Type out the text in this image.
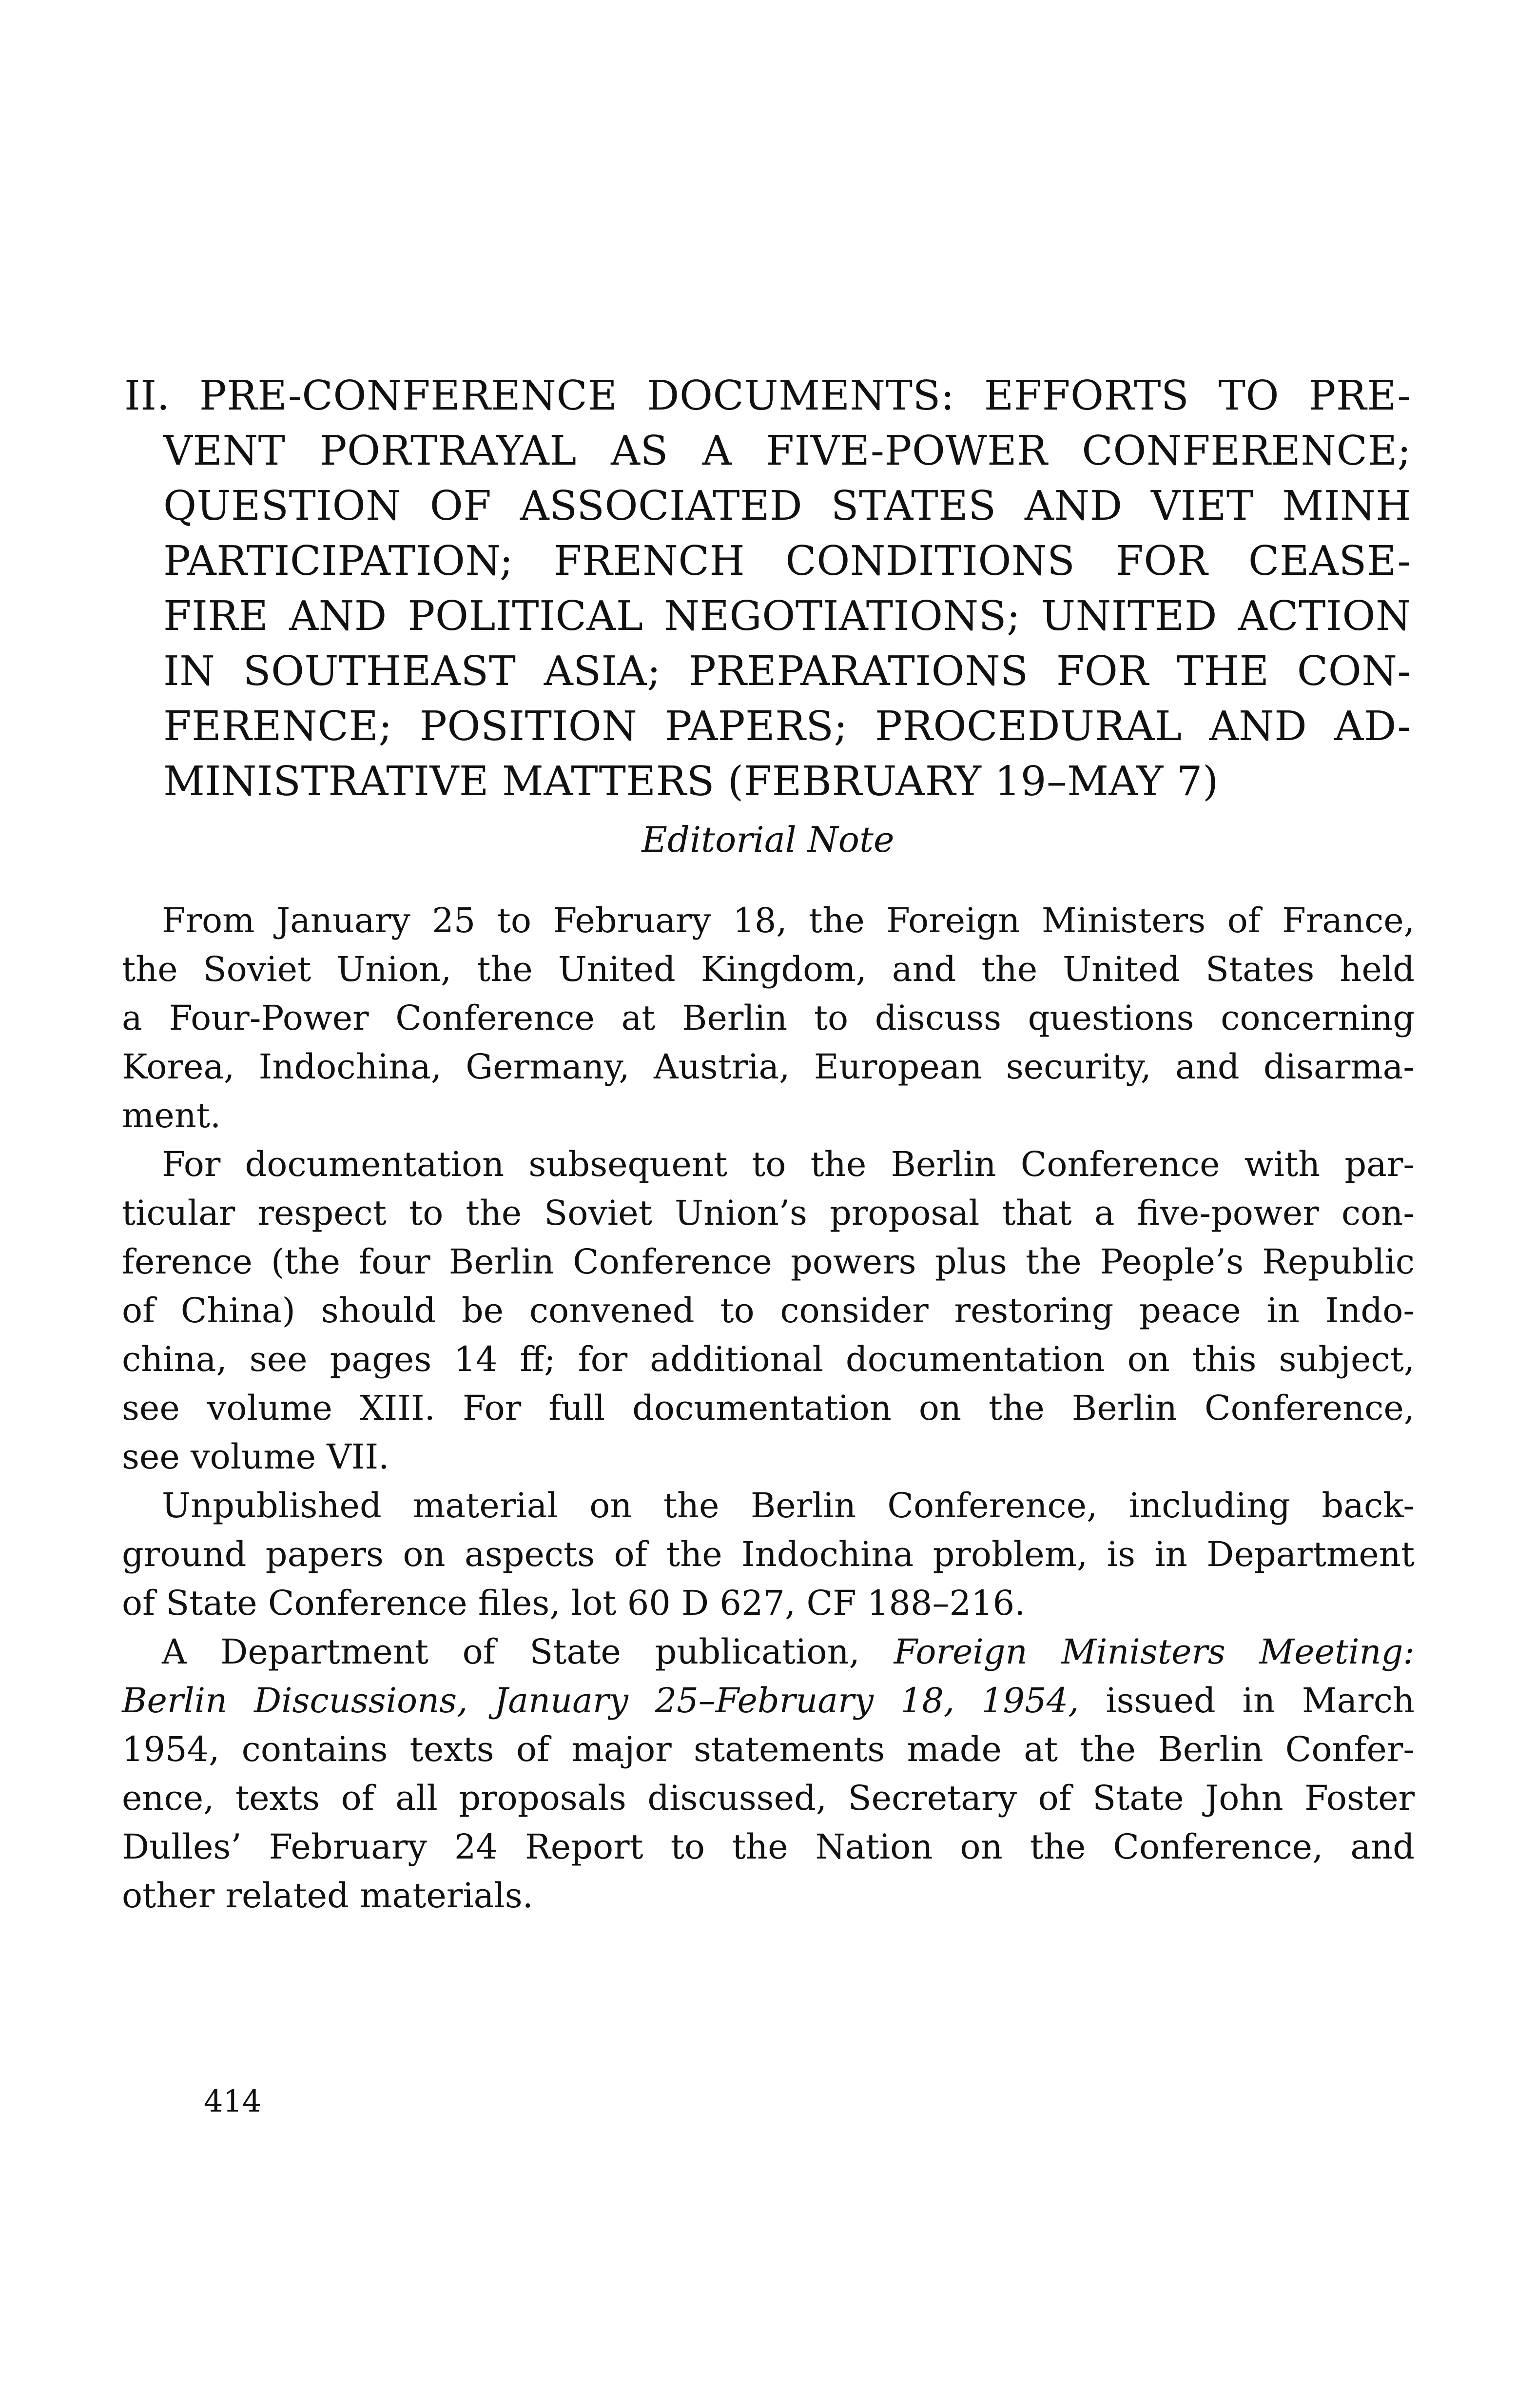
II. PRE-CONFERENCE DOCUMENTS: EFFORTS TO PRE-
VENT PORTRAYAL AS A FIVE-POWER CONFERENCE;
QUESTION OF ASSOCIATED STATES AND VIET MINH
PARTICIPATION; FRENCH CONDITIONS FOR CEASE-
FIRE AND POLITICAL NEGOTIATIONS; UNITED ACTION
IN SOUTHEAST ASIA; PREPARATIONS FOR THE CON-
FERENCE; POSITION PAPERS; PROCEDURAL AND AD-
MINISTRATIVE MATTERS (FEBRUARY 19–MAY 7)
Editorial Note
From January 25 to February 18, the Foreign Ministers of France,
the Soviet Union, the United Kingdom, and the United States held
a Four-Power Conference at Berlin to discuss questions concerning
Korea, Indochina, Germany, Austria, European security, and disarma-
ment.
For documentation subsequent to the Berlin Conference with par-
ticular respect to the Soviet Union’s proposal that a five-power con-
ference (the four Berlin Conference powers plus the People’s Republic
of China) should be convened to consider restoring peace in Indo-
china, see pages 14 ff; for additional documentation on this subject,
see volume XIII. For full documentation on the Berlin Conference,
see volume VII.
Unpublished material on the Berlin Conference, including back-
ground papers on aspects of the Indochina problem, is in Department
of State Conference files, lot 60 D 627, CF 188–216.
A Department of State publication, Foreign Ministers Meeting:
Berlin Discussions, January 25–February 18, 1954, issued in March
1954, contains texts of major statements made at the Berlin Confer-
ence, texts of all proposals discussed, Secretary of State John Foster
Dulles’ February 24 Report to the Nation on the Conference, and
other related materials.
414
